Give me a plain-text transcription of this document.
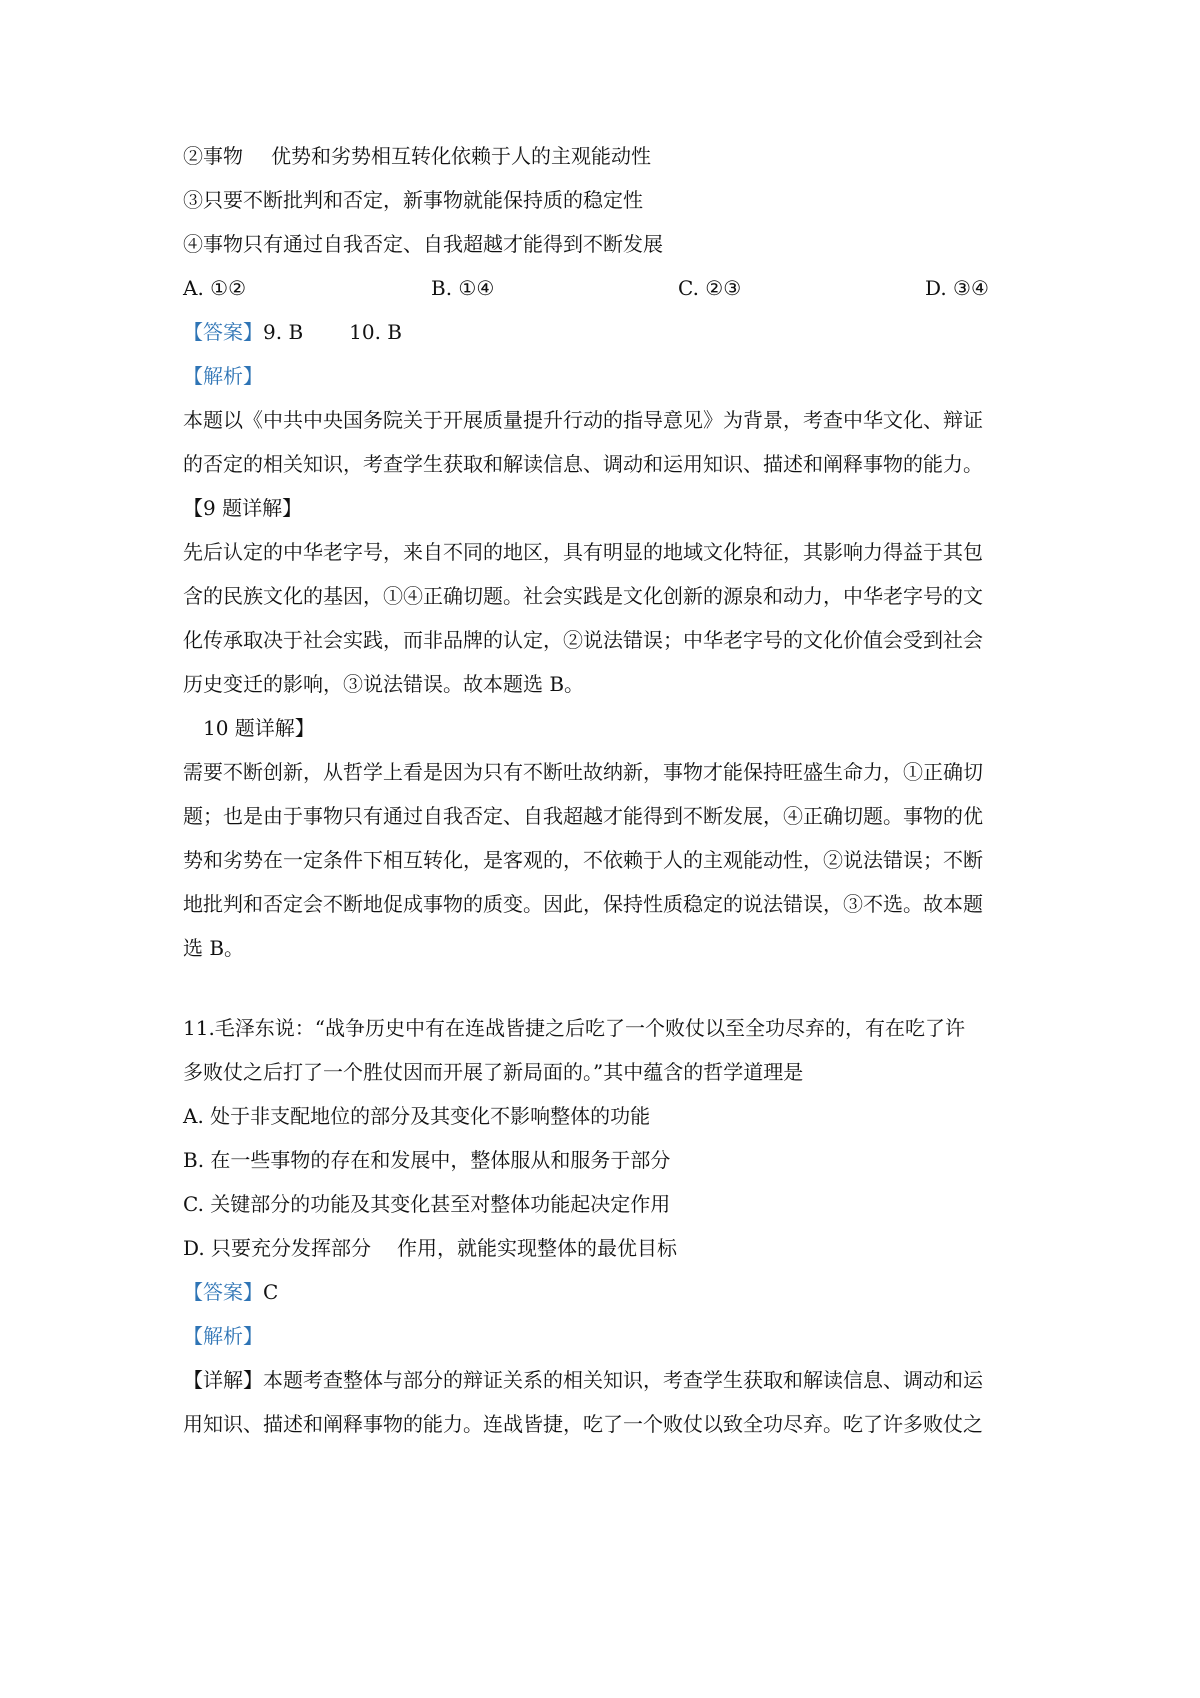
②事物 优势和劣势相互转化依赖于人的主观能动性
③只要不断批判和否定，新事物就能保持质的稳定性
④事物只有通过自我否定、自我超越才能得到不断发展
A. ①②	B. ①④	C. ②③	D. ③④
【答案】9. B 10. B
【解析】
本题以《中共中央国务院关于开展质量提升行动的指导意见》为背景，考查中华文化、辩证
的否定的相关知识，考查学生获取和解读信息、调动和运用知识、描述和阐释事物的能力。
【9 题详解】
先后认定的中华老字号，来自不同的地区，具有明显的地域文化特征，其影响力得益于其包
含的民族文化的基因，①④正确切题。社会实践是文化创新的源泉和动力，中华老字号的文
化传承取决于社会实践，而非品牌的认定，②说法错误；中华老字号的文化价值会受到社会
历史变迁的影响，③说法错误。故本题选 B。
10 题详解】
需要不断创新，从哲学上看是因为只有不断吐故纳新，事物才能保持旺盛生命力，①正确切
题；也是由于事物只有通过自我否定、自我超越才能得到不断发展，④正确切题。事物的优
势和劣势在一定条件下相互转化，是客观的，不依赖于人的主观能动性，②说法错误；不断
地批判和否定会不断地促成事物的质变。因此，保持性质稳定的说法错误，③不选。故本题
选 B。
11.毛泽东说：“战争历史中有在连战皆捷之后吃了一个败仗以至全功尽弃的，有在吃了许
多败仗之后打了一个胜仗因而开展了新局面的。”其中蕴含的哲学道理是
A. 处于非支配地位的部分及其变化不影响整体的功能
B. 在一些事物的存在和发展中，整体服从和服务于部分
C. 关键部分的功能及其变化甚至对整体功能起决定作用
D. 只要充分发挥部分 作用，就能实现整体的最优目标
【答案】C
【解析】
【详解】本题考查整体与部分的辩证关系的相关知识，考查学生获取和解读信息、调动和运
用知识、描述和阐释事物的能力。连战皆捷，吃了一个败仗以致全功尽弃。吃了许多败仗之
